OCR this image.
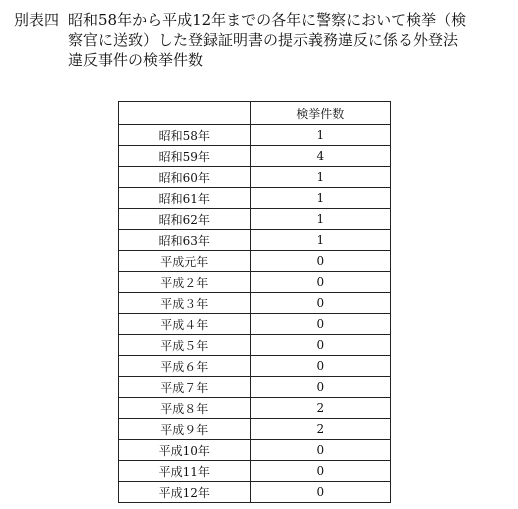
別表四 昭和58年から平成12年までの各年に警察において検挙（検
察官に送致）した登録証明書の提示義務違反に係る外登法
違反事件の検挙件数
	検挙件数
昭和58年	1
昭和59年	4
昭和60年	1
昭和61年	1
昭和62年	1
昭和63年	1
平成元年	0
平成２年	0
平成３年	0
平成４年	0
平成５年	0
平成６年	0
平成７年	0
平成８年	2
平成９年	2
平成10年	0
平成11年	0
平成12年	0
